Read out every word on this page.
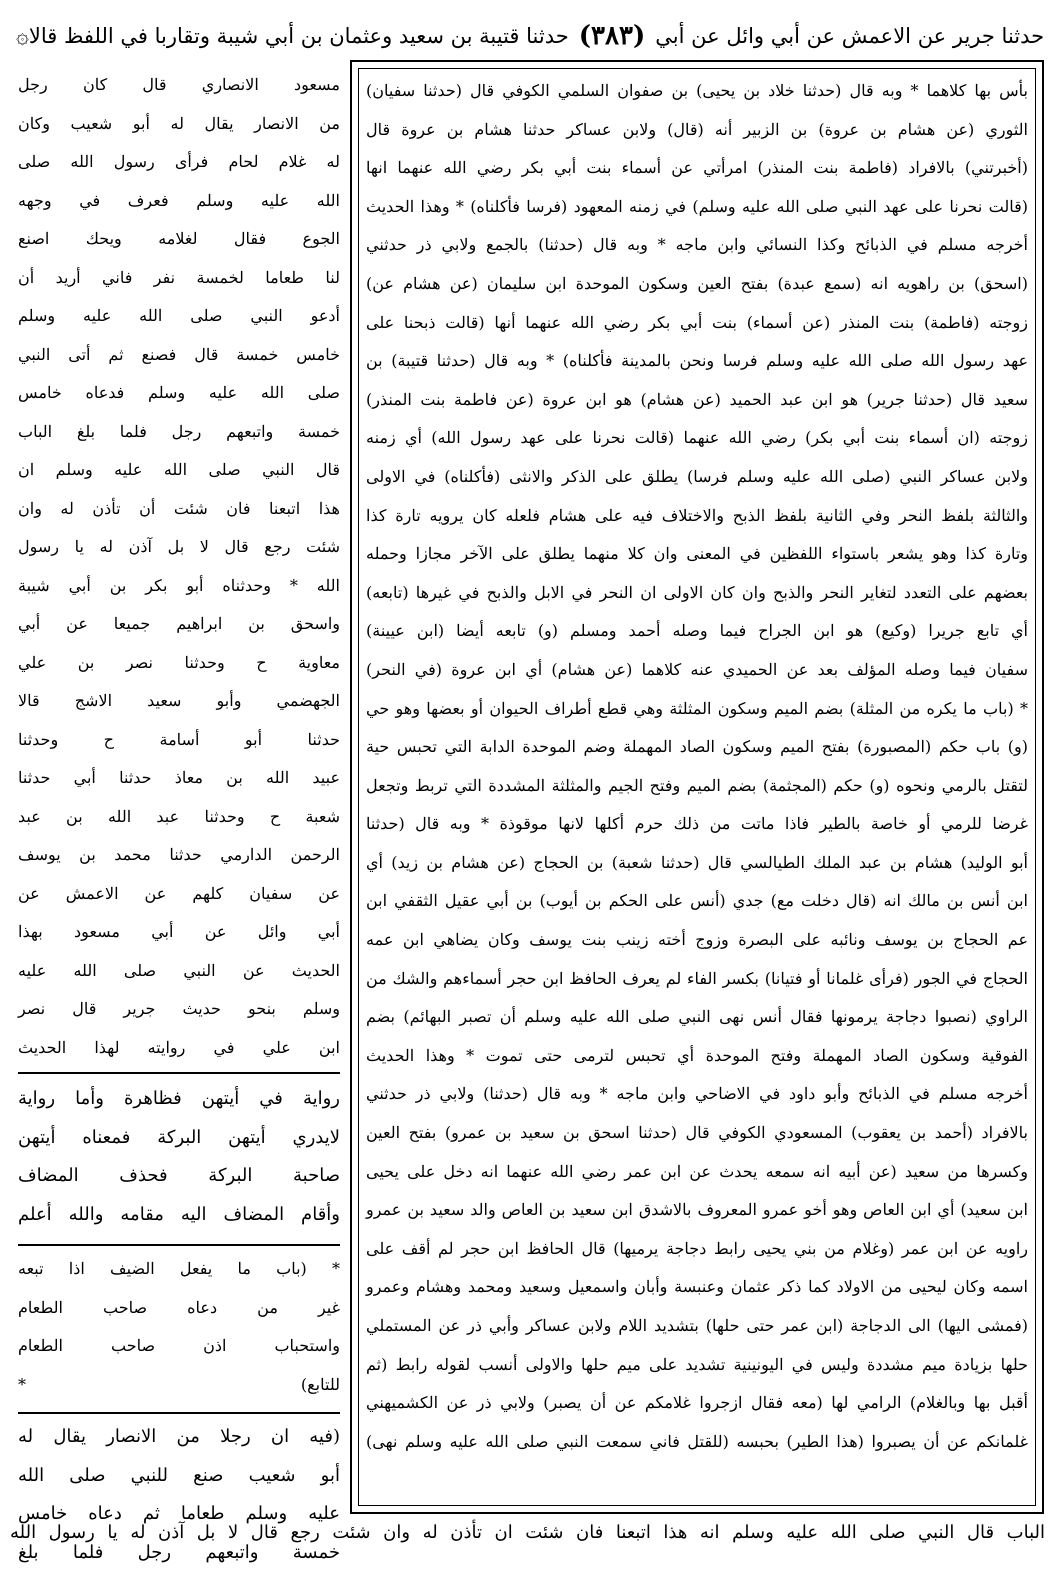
۞ حدثنا قتيبة بن سعيد وعثمان بن أبي شيبة وتقاربا في اللفظ قالا (٣٨٣) حدثنا جرير عن الاعمش عن أبي وائل عن أبي
مسعود الانصاري قال كان رجل
من الانصار يقال له أبو شعيب وكان
له غلام لحام فرأى رسول الله صلى
الله عليه وسلم فعرف في وجهه
الجوع فقال لغلامه ويحك اصنع
لنا طعاما لخمسة نفر فاني أريد أن
أدعو النبي صلى الله عليه وسلم
خامس خمسة قال فصنع ثم أتى النبي
صلى الله عليه وسلم فدعاه خامس
خمسة واتبعهم رجل فلما بلغ الباب
قال النبي صلى الله عليه وسلم ان
هذا اتبعنا فان شئت أن تأذن له وان
شئت رجع قال لا بل آذن له يا رسول
الله * وحدثناه أبو بكر بن أبي شيبة
واسحق بن ابراهيم جميعا عن أبي
معاوية ح وحدثنا نصر بن علي
الجهضمي وأبو سعيد الاشج قالا
حدثنا أبو أسامة ح وحدثنا
عبيد الله بن معاذ حدثنا أبي حدثنا
شعبة ح وحدثنا عبد الله بن عبد
الرحمن الدارمي حدثنا محمد بن يوسف
عن سفيان كلهم عن الاعمش عن
أبي وائل عن أبي مسعود بهذا
الحديث عن النبي صلى الله عليه
وسلم بنحو حديث جرير قال نصر
ابن علي في روايته لهذا الحديث
رواية في أيتهن فظاهرة وأما رواية
لايدري أيتهن البركة فمعناه أيتهن
صاحبة البركة فحذف المضاف
وأقام المضاف اليه مقامه والله أعلم
* (باب ما يفعل الضيف اذا تبعه
غير من دعاه صاحب الطعام
واستحباب اذن صاحب الطعام
للتابع) *
(فيه ان رجلا من الانصار يقال له
أبو شعيب صنع للنبي صلى الله
عليه وسلم طعاما ثم دعاه خامس
خمسة واتبعهم رجل فلما بلغ
بأس بها كلاهما * وبه قال (حدثنا خلاد بن يحيى) بن صفوان السلمي الكوفي قال (حدثنا سفيان)
الثوري (عن هشام بن عروة) بن الزبير أنه (قال) ولابن عساكر حدثنا هشام بن عروة قال
(أخبرتني) بالافراد (فاطمة بنت المنذر) امرأتي عن أسماء بنت أبي بكر رضي الله عنهما انها
(قالت نحرنا على عهد النبي صلى الله عليه وسلم) في زمنه المعهود (فرسا فأكلناه) * وهذا الحديث
أخرجه مسلم في الذبائح وكذا النسائي وابن ماجه * وبه قال (حدثنا) بالجمع ولابي ذر حدثني
(اسحق) بن راهويه انه (سمع عبدة) بفتح العين وسكون الموحدة ابن سليمان (عن هشام عن)
زوجته (فاطمة) بنت المنذر (عن أسماء) بنت أبي بكر رضي الله عنهما أنها (قالت ذبحنا على
عهد رسول الله صلى الله عليه وسلم فرسا ونحن بالمدينة فأكلناه) * وبه قال (حدثنا قتيبة) بن
سعيد قال (حدثنا جرير) هو ابن عبد الحميد (عن هشام) هو ابن عروة (عن فاطمة بنت المنذر)
زوجته (ان أسماء بنت أبي بكر) رضي الله عنهما (قالت نحرنا على عهد رسول الله) أي زمنه
ولابن عساكر النبي (صلى الله عليه وسلم فرسا) يطلق على الذكر والانثى (فأكلناه) في الاولى
والثالثة بلفظ النحر وفي الثانية بلفظ الذبح والاختلاف فيه على هشام فلعله كان يرويه تارة كذا
وتارة كذا وهو يشعر باستواء اللفظين في المعنى وان كلا منهما يطلق على الآخر مجازا وحمله
بعضهم على التعدد لتغاير النحر والذبح وان كان الاولى ان النحر في الابل والذبح في غيرها (تابعه)
أي تابع جريرا (وكيع) هو ابن الجراح فيما وصله أحمد ومسلم (و) تابعه أيضا (ابن عيينة)
سفيان فيما وصله المؤلف بعد عن الحميدي عنه كلاهما (عن هشام) أي ابن عروة (في النحر)
* (باب ما يكره من المثلة) بضم الميم وسكون المثلثة وهي قطع أطراف الحيوان أو بعضها وهو حي
(و) باب حكم (المصبورة) بفتح الميم وسكون الصاد المهملة وضم الموحدة الدابة التي تحبس حية
لتقتل بالرمي ونحوه (و) حكم (المجثمة) بضم الميم وفتح الجيم والمثلثة المشددة التي تربط وتجعل
غرضا للرمي أو خاصة بالطير فاذا ماتت من ذلك حرم أكلها لانها موقوذة * وبه قال (حدثنا
أبو الوليد) هشام بن عبد الملك الطيالسي قال (حدثنا شعبة) بن الحجاج (عن هشام بن زيد) أي
ابن أنس بن مالك انه (قال دخلت مع) جدي (أنس على الحكم بن أيوب) بن أبي عقيل الثقفي ابن
عم الحجاج بن يوسف ونائبه على البصرة وزوج أخته زينب بنت يوسف وكان يضاهي ابن عمه
الحجاج في الجور (فرأى غلمانا أو فتيانا) بكسر الفاء لم يعرف الحافظ ابن حجر أسماءهم والشك من
الراوي (نصبوا دجاجة يرمونها فقال أنس نهى النبي صلى الله عليه وسلم أن تصبر البهائم) بضم
الفوقية وسكون الصاد المهملة وفتح الموحدة أي تحبس لترمى حتى تموت * وهذا الحديث
أخرجه مسلم في الذبائح وأبو داود في الاضاحي وابن ماجه * وبه قال (حدثنا) ولابي ذر حدثني
بالافراد (أحمد بن يعقوب) المسعودي الكوفي قال (حدثنا اسحق بن سعيد بن عمرو) بفتح العين
وكسرها من سعيد (عن أبيه انه سمعه يحدث عن ابن عمر رضي الله عنهما انه دخل على يحيى
ابن سعيد) أي ابن العاص وهو أخو عمرو المعروف بالاشدق ابن سعيد بن العاص والد سعيد بن عمرو
راويه عن ابن عمر (وغلام من بني يحيى رابط دجاجة يرميها) قال الحافظ ابن حجر لم أقف على
اسمه وكان ليحيى من الاولاد كما ذكر عثمان وعنبسة وأبان واسمعيل وسعيد ومحمد وهشام وعمرو
(فمشى اليها) الى الدجاجة (ابن عمر حتى حلها) بتشديد اللام ولابن عساكر وأبي ذر عن المستملي
حلها بزيادة ميم مشددة وليس في اليونينية تشديد على ميم حلها والاولى أنسب لقوله رابط (ثم
أقبل بها وبالغلام) الرامي لها (معه فقال ازجروا غلامكم عن أن يصبر) ولابي ذر عن الكشميهني
غلمانكم عن أن يصبروا (هذا الطير) بحبسه (للقتل فاني سمعت النبي صلى الله عليه وسلم نهى)
الباب قال النبي صلى الله عليه وسلم انه هذا اتبعنا فان شئت ان تأذن له وان شئت رجع قال لا بل آذن له يا رسول الله
